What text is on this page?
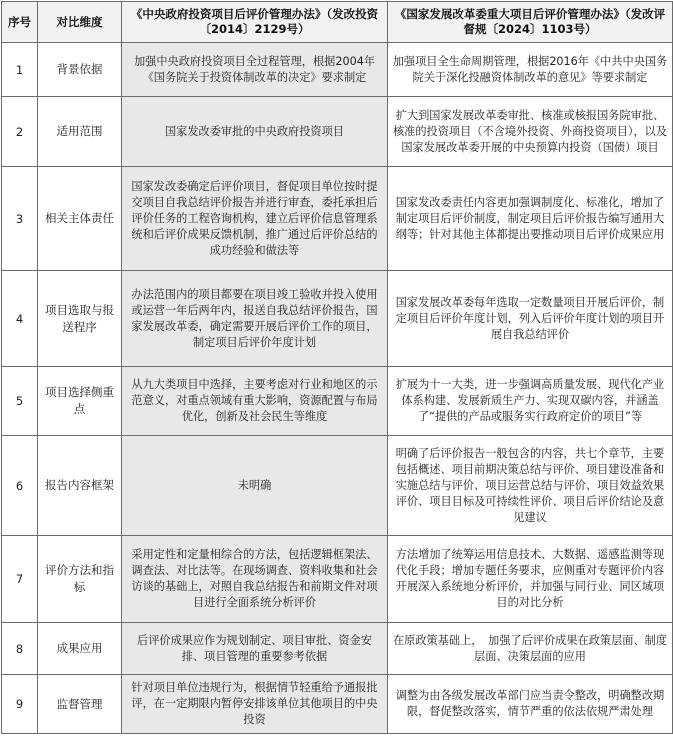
序号	对比维度	《中央政府投资项目后评价管理办法》（发改投资〔2014〕2129号）	《国家发展改革委重大项目后评价管理办法》（发改评督规〔2024〕1103号）
1	背景依据	加强中央政府投资项目全过程管理，根据2004年《国务院关于投资体制改革的决定》要求制定	加强项目全生命周期管理，根据2016年《中共中央国务院关于深化投融资体制改革的意见》等要求制定
2	适用范围	国家发改委审批的中央政府投资项目	扩大到国家发展改革委审批、核准或核报国务院审批、核准的投资项目（不含境外投资、外商投资项目），以及国家发展改革委开展的中央预算内投资（国债）项目
3	相关主体责任	国家发改委确定后评价项目，督促项目单位按时提交项目自我总结评价报告并进行审查，委托承担后评价任务的工程咨询机构，建立后评价信息管理系统和后评价成果反馈机制，推广通过后评价总结的成功经验和做法等	国家发改委责任内容更加强调制度化、标准化，增加了制定项目后评价制度，制定项目后评价报告编写通用大纲等；针对其他主体都提出要推动项目后评价成果应用
4	项目选取与报送程序	办法范围内的项目都要在项目竣工验收并投入使用或运营一年后两年内，报送自我总结评价报告，国家发展改革委，确定需要开展后评价工作的项目，制定项目后评价年度计划	国家发展改革委每年选取一定数量项目开展后评价，制定项目后评价年度计划，列入后评价年度计划的项目开展自我总结评价
5	项目选择侧重点	从九大类项目中选择，主要考虑对行业和地区的示范意义，对重点领域有重大影响，资源配置与布局优化，创新及社会民生等维度	扩展为十一大类，进一步强调高质量发展、现代化产业体系构建、发展新质生产力、实现双碳内容，并涵盖了“提供的产品或服务实行政府定价的项目”等
6	报告内容框架	未明确	明确了后评价报告一般包含的内容，共七个章节，主要包括概述、项目前期决策总结与评价、项目建设准备和实施总结与评价、项目运营总结与评价、项目效益效果评价、项目目标及可持续性评价、项目后评价结论及意见建议
7	评价方法和指标	采用定性和定量相综合的方法，包括逻辑框架法、调查法、对比法等。在现场调查、资料收集和社会访谈的基础上，对照自我总结报告和前期文件对项目进行全面系统分析评价	方法增加了统筹运用信息技术、大数据、遥感监测等现代化手段；增加专题任务要求，应侧重对专题评价内容开展深入系统地分析评价，并加强与同行业、同区域项目的对比分析
8	成果应用	后评价成果应作为规划制定、项目审批、资金安排、项目管理的重要参考依据	在原政策基础上，　加强了后评价成果在政策层面、制度层面、决策层面的应用
9	监督管理	针对项目单位违规行为，根据情节轻重给予通报批评，在一定期限内暂停安排该单位其他项目的中央投资	调整为由各级发展改革部门应当责令整改，明确整改期限，督促整改落实，情节严重的依法依规严肃处理
